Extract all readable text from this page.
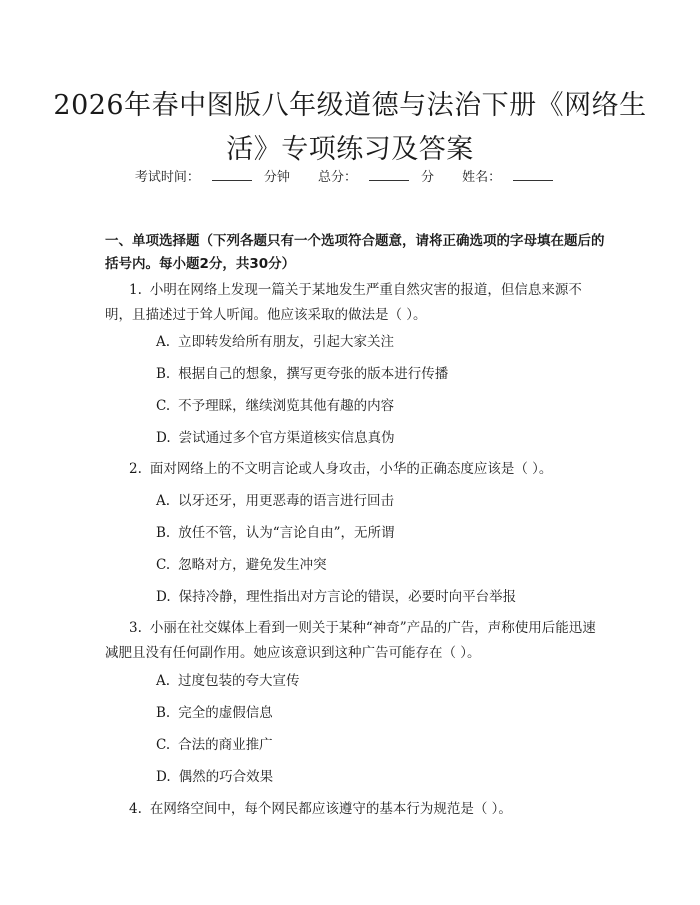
2026年春中图版八年级道德与法治下册《网络生活》专项练习及答案
考试时间：	分钟 总分：	分 姓名：
一、单项选择题（下列各题只有一个选项符合题意，请将正确选项的字母填在题后的括号内。每小题2分，共30分）
1. 小明在网络上发现一篇关于某地发生严重自然灾害的报道，但信息来源不明，且描述过于耸人听闻。他应该采取的做法是（ ）。
A. 立即转发给所有朋友，引起大家关注
B. 根据自己的想象，撰写更夸张的版本进行传播
C. 不予理睬，继续浏览其他有趣的内容
D. 尝试通过多个官方渠道核实信息真伪
2. 面对网络上的不文明言论或人身攻击，小华的正确态度应该是（ ）。
A. 以牙还牙，用更恶毒的语言进行回击
B. 放任不管，认为“言论自由”，无所谓
C. 忽略对方，避免发生冲突
D. 保持冷静，理性指出对方言论的错误，必要时向平台举报
3. 小丽在社交媒体上看到一则关于某种“神奇”产品的广告，声称使用后能迅速减肥且没有任何副作用。她应该意识到这种广告可能存在（ ）。
A. 过度包装的夸大宣传
B. 完全的虚假信息
C. 合法的商业推广
D. 偶然的巧合效果
4. 在网络空间中，每个网民都应该遵守的基本行为规范是（ ）。
